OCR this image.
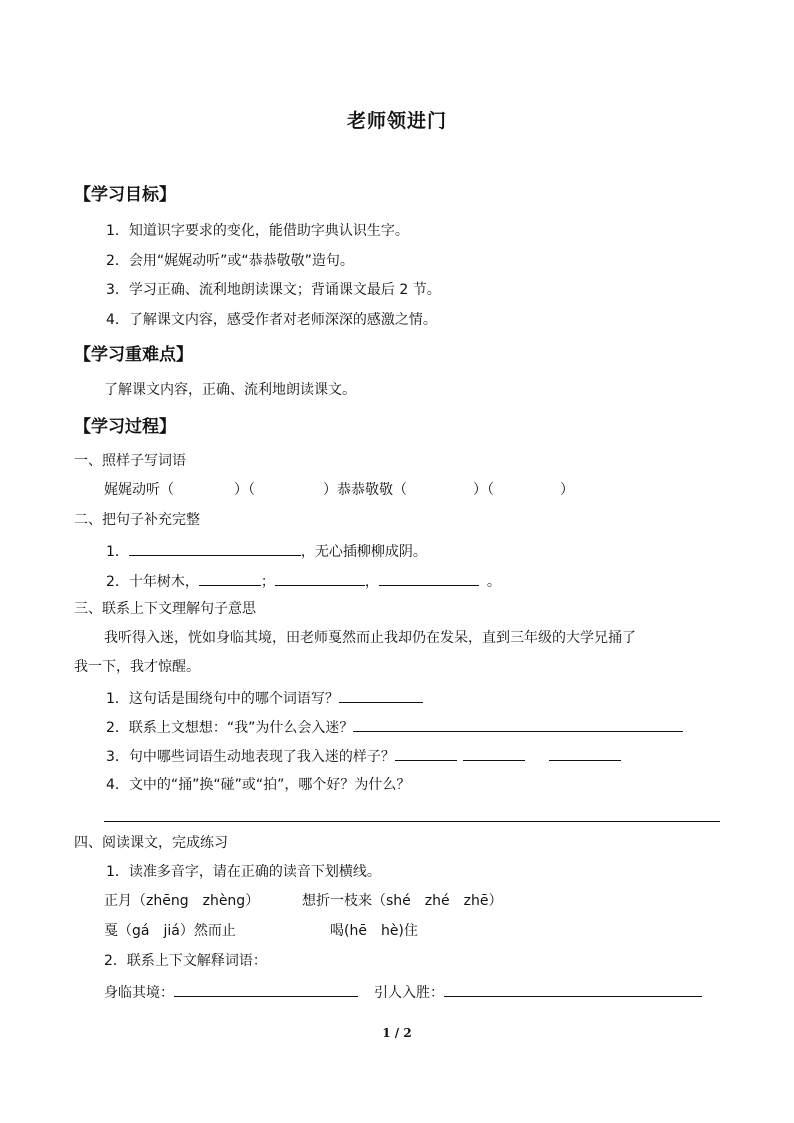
老师领进门
【学习目标】
1．知道识字要求的变化，能借助字典认识生字。
2．会用“娓娓动听”或“恭恭敬敬”造句。
3．学习正确、流利地朗读课文；背诵课文最后 2 节。
4．了解课文内容，感受作者对老师深深的感激之情。
【学习重难点】
了解课文内容，正确、流利地朗读课文。
【学习过程】
一、照样子写词语
娓娓动听（	）（	）恭恭敬敬（	）（	）
二、把句子补充完整
1．	，无心插柳柳成阴。
2．十年树木，	；	，	。
三、联系上下文理解句子意思
我听得入迷，恍如身临其境，田老师戛然而止我却仍在发呆，直到三年级的大学兄捅了
我一下，我才惊醒。
1．这句话是围绕句中的哪个词语写？
2．联系上文想想：“我”为什么会入迷？
3．句中哪些词语生动地表现了我入迷的样子？
4．文中的“捅”换“碰”或“拍”，哪个好？为什么？
四、阅读课文，完成练习
1．读准多音字，请在正确的读音下划横线。
正月（zhēng　zhèng）	想折一枝来（shé　zhé　zhē）
戛（gá　jiá）然而止	喝(hē　hè)住
2．联系上下文解释词语：
身临其境：	引人入胜：
1 / 2
